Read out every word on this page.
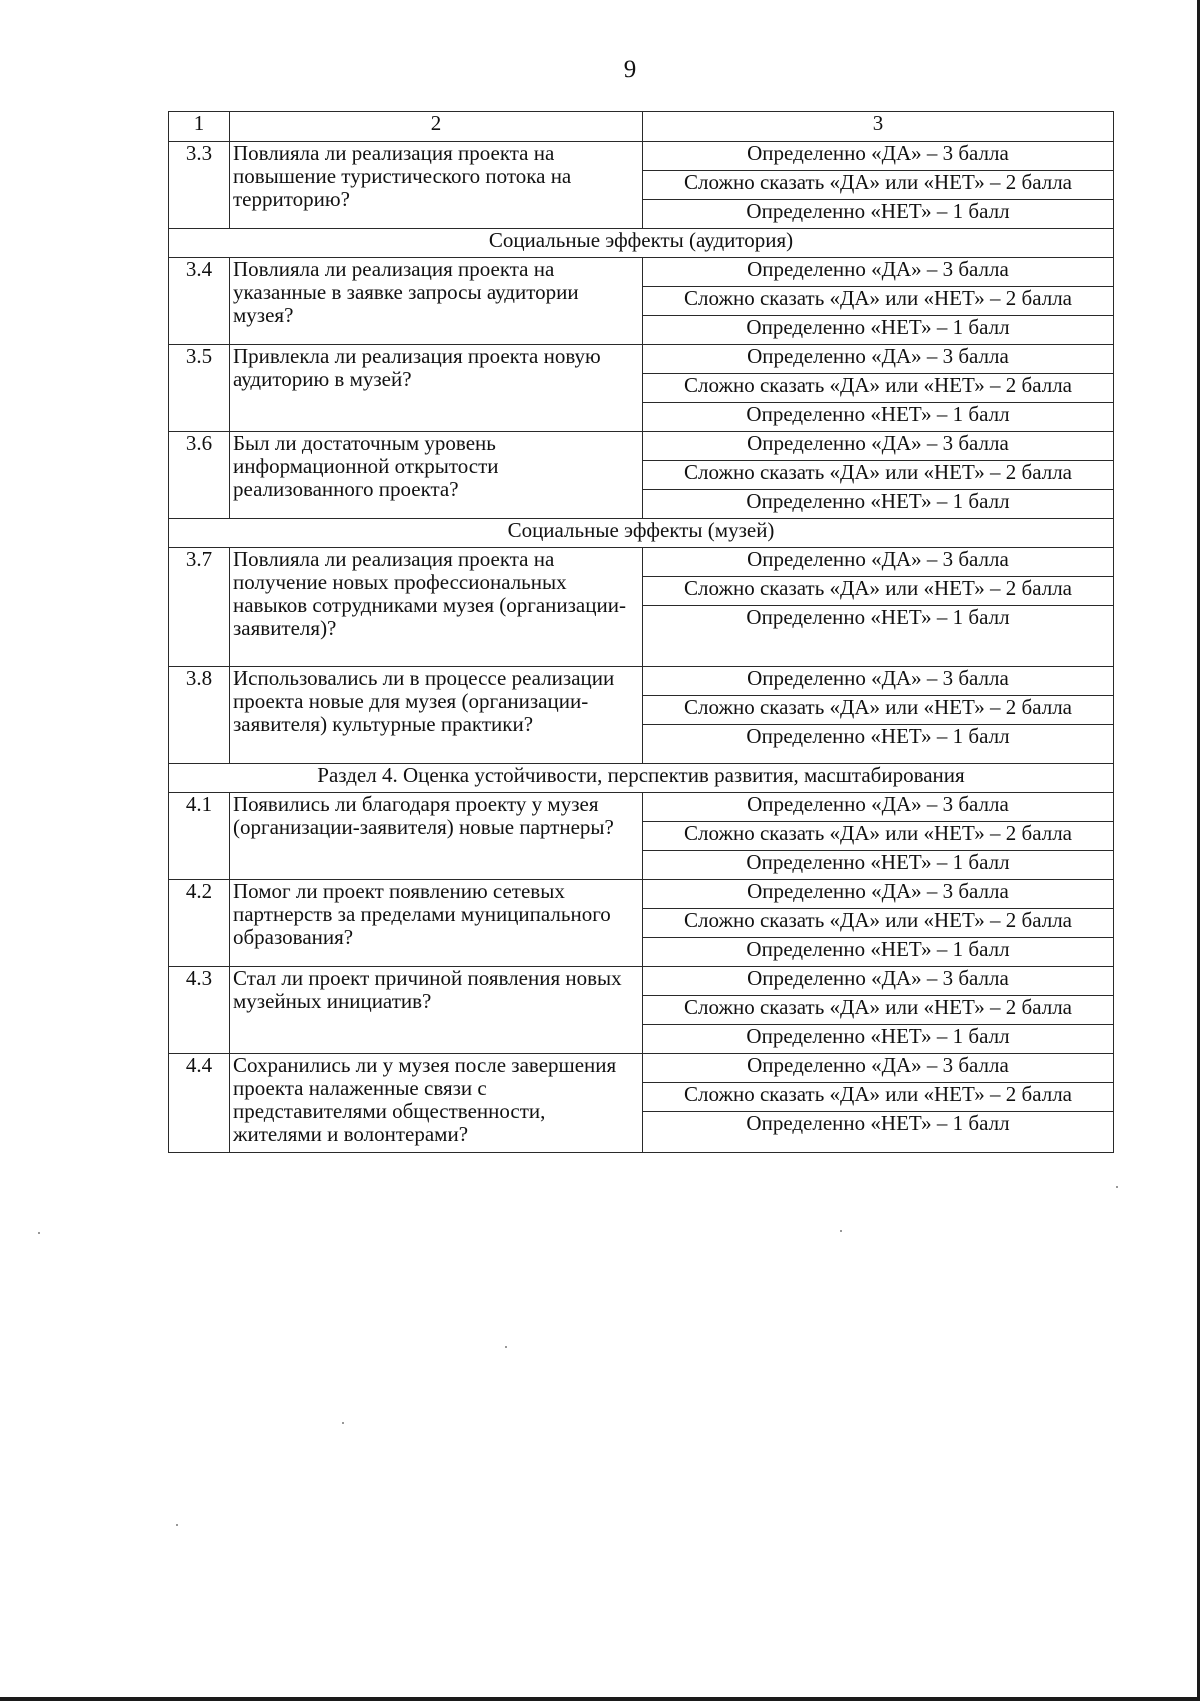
9
1	2	3
3.3	Повлияла ли реализация проекта на повышение туристического потока на территорию?	Определенно «ДА» – 3 балла
		Сложно сказать «ДА» или «НЕТ» – 2 балла
		Определенно «НЕТ» – 1 балл
Социальные эффекты (аудитория)		
3.4	Повлияла ли реализация проекта на указанные в заявке запросы аудитории музея?	Определенно «ДА» – 3 балла
		Сложно сказать «ДА» или «НЕТ» – 2 балла
		Определенно «НЕТ» – 1 балл
3.5	Привлекла ли реализация проекта новую аудиторию в музей?	Определенно «ДА» – 3 балла
		Сложно сказать «ДА» или «НЕТ» – 2 балла
		Определенно «НЕТ» – 1 балл
3.6	Был ли достаточным уровень информационной открытости реализованного проекта?	Определенно «ДА» – 3 балла
		Сложно сказать «ДА» или «НЕТ» – 2 балла
		Определенно «НЕТ» – 1 балл
Социальные эффекты (музей)		
3.7	Повлияла ли реализация проекта на получение новых профессиональных навыков сотрудниками музея (организации-заявителя)?	Определенно «ДА» – 3 балла
		Сложно сказать «ДА» или «НЕТ» – 2 балла
		Определенно «НЕТ» – 1 балл
3.8	Использовались ли в процессе реализации проекта новые для музея (организации-заявителя) культурные практики?	Определенно «ДА» – 3 балла
		Сложно сказать «ДА» или «НЕТ» – 2 балла
		Определенно «НЕТ» – 1 балл
Раздел 4. Оценка устойчивости, перспектив развития, масштабирования		
4.1	Появились ли благодаря проекту у музея (организации-заявителя) новые партнеры?	Определенно «ДА» – 3 балла
		Сложно сказать «ДА» или «НЕТ» – 2 балла
		Определенно «НЕТ» – 1 балл
4.2	Помог ли проект появлению сетевых партнерств за пределами муниципального образования?	Определенно «ДА» – 3 балла
		Сложно сказать «ДА» или «НЕТ» – 2 балла
		Определенно «НЕТ» – 1 балл
4.3	Стал ли проект причиной появления новых музейных инициатив?	Определенно «ДА» – 3 балла
		Сложно сказать «ДА» или «НЕТ» – 2 балла
		Определенно «НЕТ» – 1 балл
4.4	Сохранились ли у музея после завершения проекта налаженные связи с представителями общественности, жителями и волонтерами?	Определенно «ДА» – 3 балла
		Сложно сказать «ДА» или «НЕТ» – 2 балла
		Определенно «НЕТ» – 1 балл
